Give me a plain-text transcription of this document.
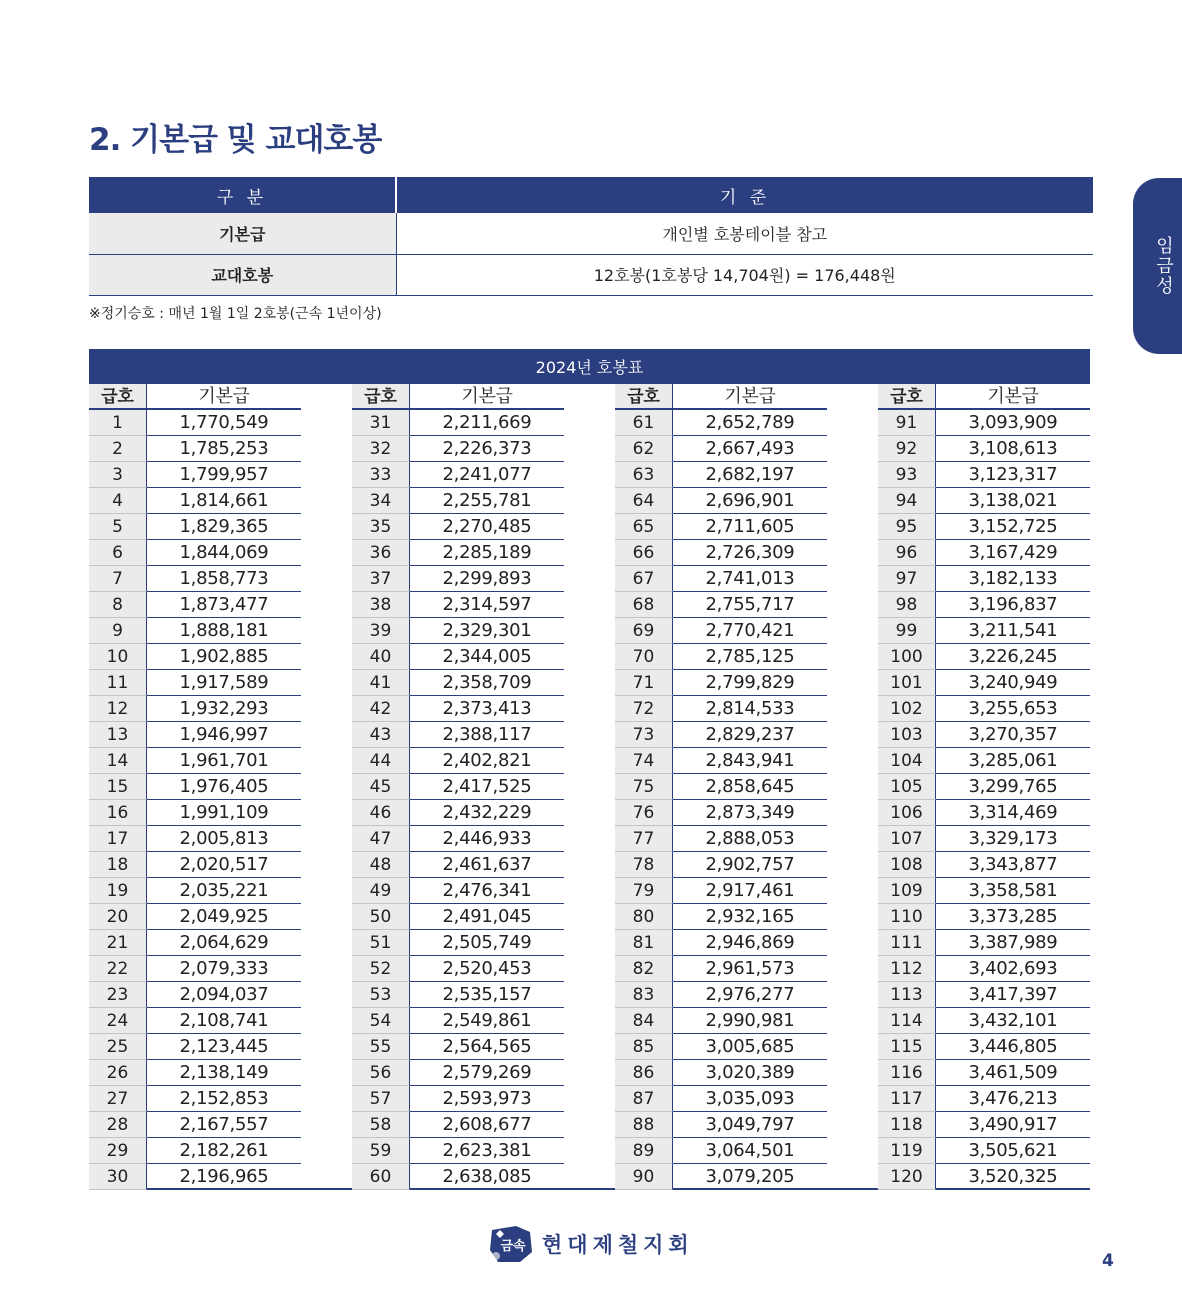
2. 기본급 및 교대호봉
임금성
구 분	기 준
기본급	개인별 호봉테이블 참고
교대호봉	12호봉(1호봉당 14,704원) = 176,448원
※정기승호 : 매년 1월 1일 2호봉(근속 1년이상)
2024년 호봉표
급호	기본급
1	1,770,549
2	1,785,253
3	1,799,957
4	1,814,661
5	1,829,365
6	1,844,069
7	1,858,773
8	1,873,477
9	1,888,181
10	1,902,885
11	1,917,589
12	1,932,293
13	1,946,997
14	1,961,701
15	1,976,405
16	1,991,109
17	2,005,813
18	2,020,517
19	2,035,221
20	2,049,925
21	2,064,629
22	2,079,333
23	2,094,037
24	2,108,741
25	2,123,445
26	2,138,149
27	2,152,853
28	2,167,557
29	2,182,261
30	2,196,965
급호	기본급
31	2,211,669
32	2,226,373
33	2,241,077
34	2,255,781
35	2,270,485
36	2,285,189
37	2,299,893
38	2,314,597
39	2,329,301
40	2,344,005
41	2,358,709
42	2,373,413
43	2,388,117
44	2,402,821
45	2,417,525
46	2,432,229
47	2,446,933
48	2,461,637
49	2,476,341
50	2,491,045
51	2,505,749
52	2,520,453
53	2,535,157
54	2,549,861
55	2,564,565
56	2,579,269
57	2,593,973
58	2,608,677
59	2,623,381
60	2,638,085
급호	기본급
61	2,652,789
62	2,667,493
63	2,682,197
64	2,696,901
65	2,711,605
66	2,726,309
67	2,741,013
68	2,755,717
69	2,770,421
70	2,785,125
71	2,799,829
72	2,814,533
73	2,829,237
74	2,843,941
75	2,858,645
76	2,873,349
77	2,888,053
78	2,902,757
79	2,917,461
80	2,932,165
81	2,946,869
82	2,961,573
83	2,976,277
84	2,990,981
85	3,005,685
86	3,020,389
87	3,035,093
88	3,049,797
89	3,064,501
90	3,079,205
급호	기본급
91	3,093,909
92	3,108,613
93	3,123,317
94	3,138,021
95	3,152,725
96	3,167,429
97	3,182,133
98	3,196,837
99	3,211,541
100	3,226,245
101	3,240,949
102	3,255,653
103	3,270,357
104	3,285,061
105	3,299,765
106	3,314,469
107	3,329,173
108	3,343,877
109	3,358,581
110	3,373,285
111	3,387,989
112	3,402,693
113	3,417,397
114	3,432,101
115	3,446,805
116	3,461,509
117	3,476,213
118	3,490,917
119	3,505,621
120	3,520,325
금속 현대제철지회
4
